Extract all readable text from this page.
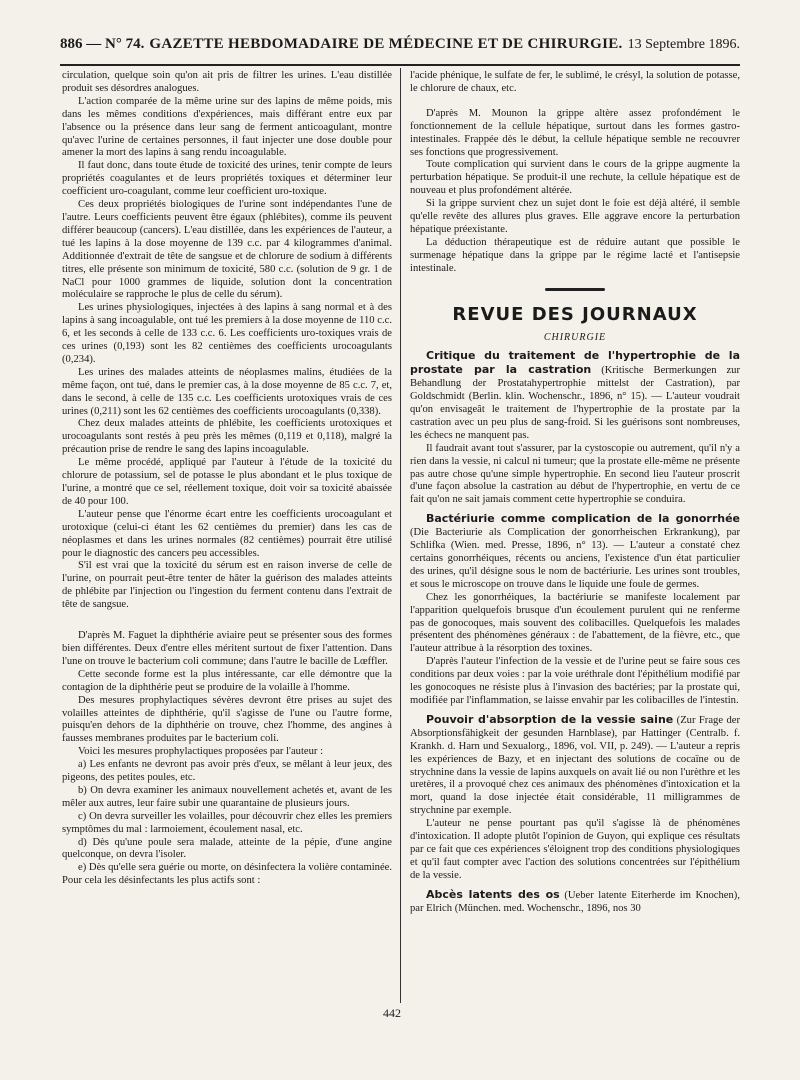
886 — N° 74. GAZETTE HEBDOMADAIRE DE MÉDECINE ET DE CHIRURGIE. 13 Septembre 1896.

circulation, quelque soin qu'on ait pris de filtrer les urines. L'eau distillée produit ses désordres analogues.

L'action comparée de la même urine sur des lapins de même poids, mis dans les mêmes conditions d'expériences, mais différant entre eux par l'absence ou la présence dans leur sang de ferment anticoagulant, montre qu'avec l'urine de certaines personnes, il faut injecter une dose double pour amener la mort des lapins à sang rendu incoagulable.

Il faut donc, dans toute étude de toxicité des urines, tenir compte de leurs propriétés coagulantes et de leurs propriétés toxiques et déterminer leur coefficient uro-coagulant, comme leur coefficient uro-toxique.

Ces deux propriétés biologiques de l'urine sont indépendantes l'une de l'autre. Leurs coefficients peuvent être égaux (phlébites), comme ils peuvent différer beaucoup (cancers). L'eau distillée, dans les expériences de l'auteur, a tué les lapins à la dose moyenne de 139 c.c. par 4 kilogrammes d'animal. Additionnée d'extrait de tête de sangsue et de chlorure de sodium à différents titres, elle présente son minimum de toxicité, 580 c.c. (solution de 9 gr. 1 de NaCl pour 1000 grammes de liquide, solution dont la concentration moléculaire se rapproche le plus de celle du sérum).

Les urines physiologiques, injectées à des lapins à sang normal et à des lapins à sang incoagulable, ont tué les premiers à la dose moyenne de 110 c.c. 6, et les seconds à celle de 133 c.c. 6. Les coefficients uro-toxiques vrais de ces urines (0,193) sont les 82 centièmes des coefficients urocoagulants (0,234).

Les urines des malades atteints de néoplasmes malins, étudiées de la même façon, ont tué, dans le premier cas, à la dose moyenne de 85 c.c. 7, et, dans le second, à celle de 135 c.c. Les coefficients urotoxiques vrais de ces urines (0,211) sont les 62 centièmes des coefficients urocoagulants (0,338).

Chez deux malades atteints de phlébite, les coefficients urotoxiques et urocoagulants sont restés à peu près les mêmes (0,119 et 0,118), malgré la précaution prise de rendre le sang des lapins incoagulable.

Le même procédé, appliqué par l'auteur à l'étude de la toxicité du chlorure de potassium, sel de potasse le plus abondant et le plus toxique de l'urine, a montré que ce sel, réellement toxique, doit voir sa toxicité abaissée de 40 pour 100.

L'auteur pense que l'énorme écart entre les coefficients urocoagulant et urotoxique (celui-ci étant les 62 centièmes du premier) dans les cas de néoplasmes et dans les urines normales (82 centièmes) pourrait être utilisé pour le diagnostic des cancers peu accessibles.

S'il est vrai que la toxicité du sérum est en raison inverse de celle de l'urine, on pourrait peut-être tenter de hâter la guérison des malades atteints de phlébite par l'injection ou l'ingestion du ferment contenu dans l'extrait de tête de sangsue.

D'après M. Faguet la diphthérie aviaire peut se présenter sous des formes bien différentes. Deux d'entre elles méritent surtout de fixer l'attention. Dans l'une on trouve le bacterium coli commune; dans l'autre le bacille de Lœffler.

Cette seconde forme est la plus intéressante, car elle démontre que la contagion de la diphthérie peut se produire de la volaille à l'homme.

Des mesures prophylactiques sévères devront être prises au sujet des volailles atteintes de diphthérie, qu'il s'agisse de l'une ou l'autre forme, puisqu'en dehors de la diphthérie on trouve, chez l'homme, des angines à fausses membranes produites par le bacterium coli.

Voici les mesures prophylactiques proposées par l'auteur :

a) Les enfants ne devront pas avoir près d'eux, se mêlant à leur jeux, des pigeons, des petites poules, etc.

b) On devra examiner les animaux nouvellement achetés et, avant de les mêler aux autres, leur faire subir une quarantaine de plusieurs jours.

c) On devra surveiller les volailles, pour découvrir chez elles les premiers symptômes du mal : larmoiement, écoulement nasal, etc.

d) Dès qu'une poule sera malade, atteinte de la pépie, d'une angine quelconque, on devra l'isoler.

e) Dès qu'elle sera guérie ou morte, on désinfectera la volière contaminée. Pour cela les désinfectants les plus actifs sont :

l'acide phénique, le sulfate de fer, le sublimé, le crésyl, la solution de potasse, le chlorure de chaux, etc.

D'après M. Mounon la grippe altère assez profondément le fonctionnement de la cellule hépatique, surtout dans les formes gastro-intestinales. Frappée dès le début, la cellule hépatique semble ne recouvrer ses fonctions que progressivement.

Toute complication qui survient dans le cours de la grippe augmente la perturbation hépatique. Se produit-il une rechute, la cellule hépatique est de nouveau et plus profondément altérée.

Si la grippe survient chez un sujet dont le foie est déjà altéré, il semble qu'elle revête des allures plus graves. Elle aggrave encore la perturbation hépatique préexistante.

La déduction thérapeutique est de réduire autant que possible le surmenage hépatique dans la grippe par le régime lacté et l'antisepsie intestinale.

REVUE DES JOURNAUX
CHIRURGIE

Critique du traitement de l'hypertrophie de la prostate par la castration (Kritische Bermerkungen zur Behandlung der Prostatahypertrophie mittelst der Castration), par Goldschmidt (Berlin. klin. Wochenschr., 1896, n° 15). — L'auteur voudrait qu'on envisageât le traitement de l'hypertrophie de la prostate par la castration avec un peu plus de sang-froid. Si les guérisons sont nombreuses, les échecs ne manquent pas.

Il faudrait avant tout s'assurer, par la cystoscopie ou autrement, qu'il n'y a rien dans la vessie, ni calcul ni tumeur; que la prostate elle-même ne présente pas autre chose qu'une simple hypertrophie. En second lieu l'auteur proscrit d'une façon absolue la castration au début de l'hypertrophie, en vertu de ce fait qu'on ne sait jamais comment cette hypertrophie se conduira.

Bactériurie comme complication de la gonorrhée (Die Bacteriurie als Complication der gonorrheischen Erkrankung), par Schlifka (Wien. med. Presse, 1896, n° 13). — L'auteur a constaté chez certains gonorrhéiques, récents ou anciens, l'existence d'un état particulier des urines, qu'il désigne sous le nom de bactériurie. Les urines sont troubles, et sous le microscope on trouve dans le liquide une foule de germes.

Chez les gonorrhéiques, la bactériurie se manifeste localement par l'apparition quelquefois brusque d'un écoulement purulent qui ne renferme pas de gonocoques, mais souvent des colibacilles. Quelquefois les malades présentent des phénomènes généraux : de l'abattement, de la fièvre, etc., que l'auteur attribue à la résorption des toxines.

D'après l'auteur l'infection de la vessie et de l'urine peut se faire sous ces conditions par deux voies : par la voie uréthrale dont l'épithélium modifié par les gonocoques ne résiste plus à l'invasion des bactéries; par la prostate qui, modifiée par l'inflammation, se laisse envahir par les colibacilles de l'intestin.

Pouvoir d'absorption de la vessie saine (Zur Frage der Absorptionsfähigkeit der gesunden Harnblase), par Hattinger (Centralb. f. Krankh. d. Harn und Sexualorg., 1896, vol. VII, p. 249). — L'auteur a repris les expériences de Bazy, et en injectant des solutions de cocaïne ou de strychnine dans la vessie de lapins auxquels on avait lié ou non l'urèthre et les uretères, il a provoqué chez ces animaux des phénomènes d'intoxication et la mort, quand la dose injectée était considérable, 11 milligrammes de strychnine par exemple.

L'auteur ne pense pourtant pas qu'il s'agisse là de phénomènes d'intoxication. Il adopte plutôt l'opinion de Guyon, qui explique ces résultats par ce fait que ces expériences s'éloignent trop des conditions physiologiques et qu'il faut compter avec l'action des solutions concentrées sur l'épithélium de la vessie.

Abcès latents des os (Ueber latente Eiterherde im Knochen), par Elrich (München. med. Wochenschr., 1896, nos 30

442
